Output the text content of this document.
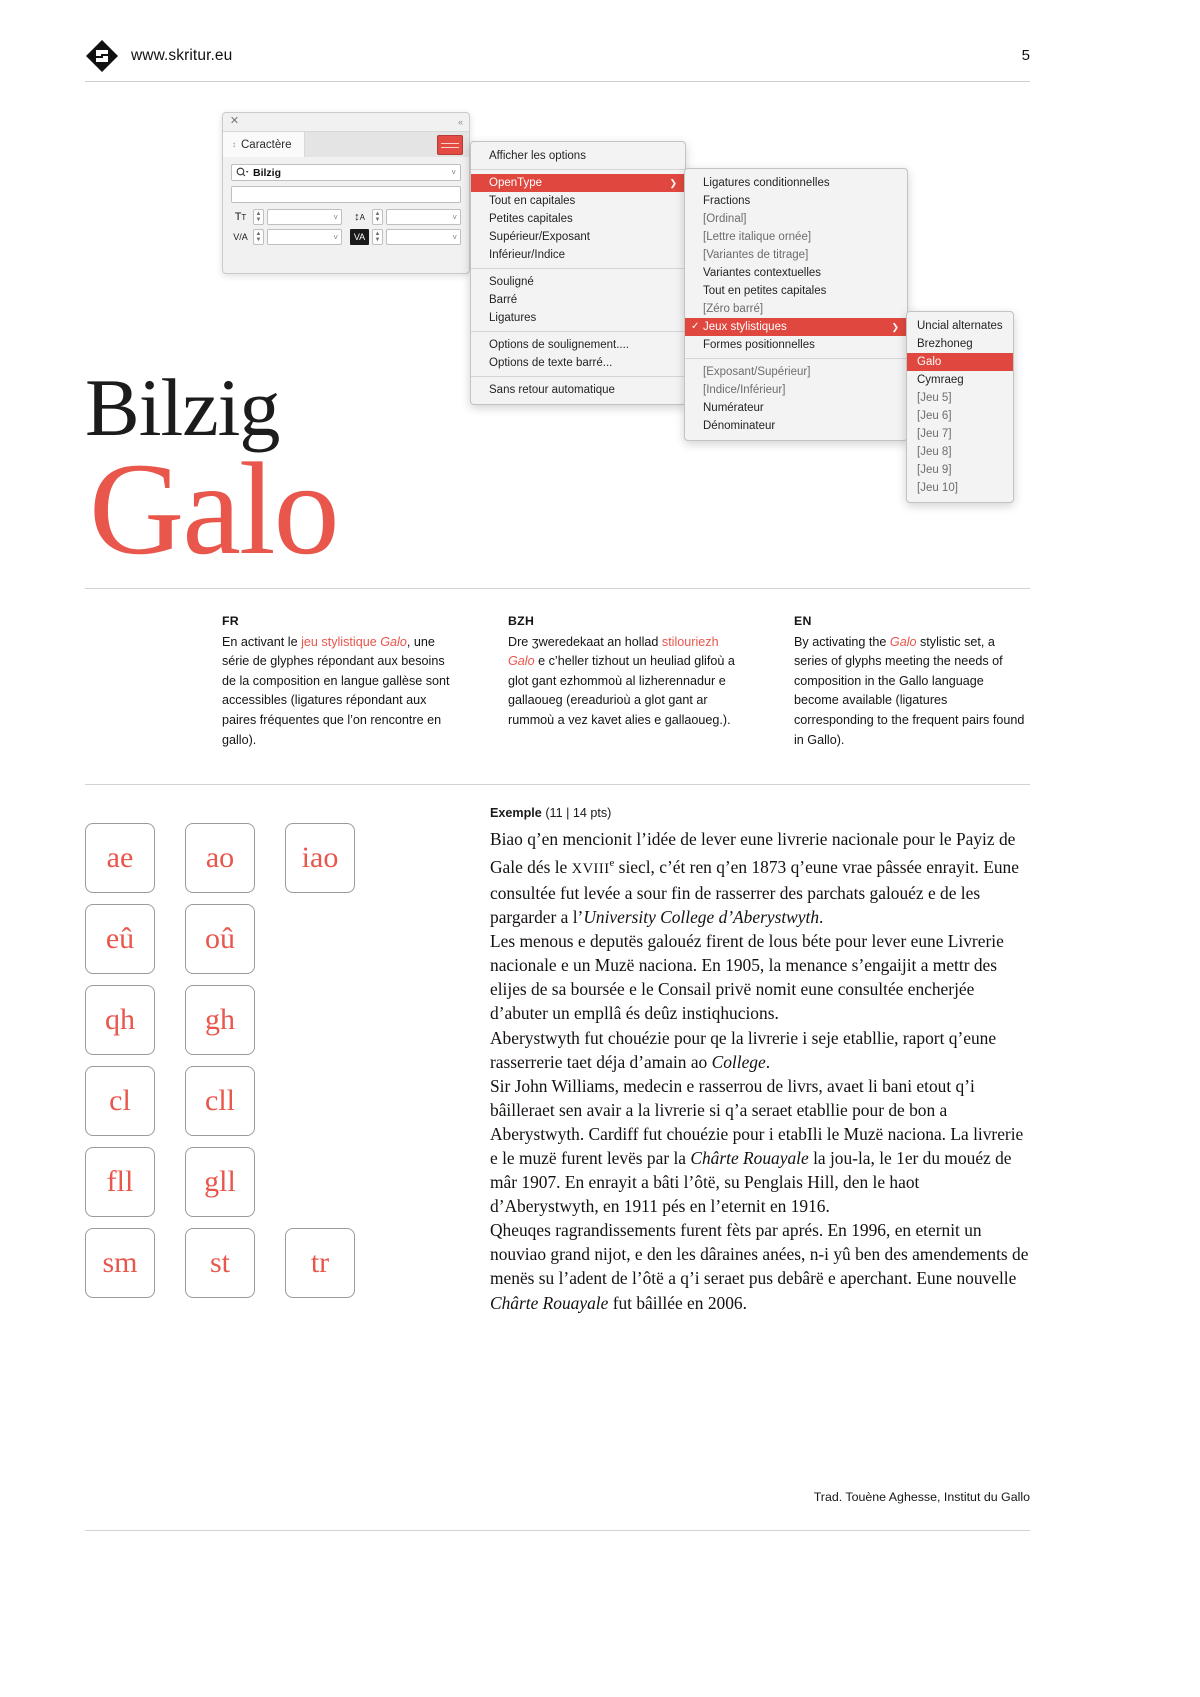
www.skritur.eu	5
✕	«
↕ Caractère
Bilzig	˅
T T	▲
▼	˅	↕ A	▲
▼	˅
V/A	▲
▼	˅	VA	▲
▼	˅
Afficher les options
OpenType	❯
Tout en capitales
Petites capitales
Supérieur/Exposant
Inférieur/Indice
Souligné
Barré
Ligatures
Options de soulignement....
Options de texte barré...
Sans retour automatique
Ligatures conditionnelles
Fractions
[Ordinal]
[Lettre italique ornée]
[Variantes de titrage]
Variantes contextuelles
Tout en petites capitales
[Zéro barré]
✓ Jeux stylistiques	❯
Formes positionnelles
[Exposant/Supérieur]
[Indice/Inférieur]
Numérateur
Dénominateur
Uncial alternates
Brezhoneg
Galo
Cymraeg
[Jeu 5]
[Jeu 6]
[Jeu 7]
[Jeu 8]
[Jeu 9]
[Jeu 10]
Bilzig
Galo
FR
En activant le jeu stylistique Galo, une série de glyphes répondant aux besoins de la composition en langue gallèse sont accessibles (ligatures répondant aux paires fréquentes que l’on rencontre en gallo).
BZH
Dre ʒweredekaat an hollad stilouriezh Galo e c’heller tizhout un heuliad glifoù a glot gant ezhommoù al lizherennadur e gallaoueg (ereadurioù a glot gant ar rummoù a vez kavet alies e gallaoueg.).
EN
By activating the Galo stylistic set, a series of glyphs meeting the needs of composition in the Gallo language become available (ligatures corresponding to the frequent pairs found in Gallo).
ae	ao	iao
eû	oû
qh	gh
cl	cll
fll	gll
sm	st	tr
Exemple (11 | 14 pts)
Biao q’en mencionit l’idée de lever eune livrerie nacionale pour le Payiz de Gale dés le XVIIIe siecl, c’ét ren q’en 1873 q’eune vrae pâssée enrayit. Eune consultée fut levée a sour fin de rasserrer des parchats galouéz e de les pargarder a l’University College d’Aberystwyth.
Les menous e deputës galouéz firent de lous béte pour lever eune Livrerie nacionale e un Muzë naciona. En 1905, la menance s’engaijit a mettr des elijes de sa boursée e le Consail privë nomit eune consultée encherjée d’abuter un empllâ és deûz instiqhucions.
Aberystwyth fut chouézie pour qe la livrerie i seje etabllie, raport q’eune rasserrerie taet déja d’amain ao College.
Sir John Williams, medecin e rasserrou de livrs, avaet li bani etout q’i bâilleraet sen avair a la livrerie si q’a seraet etabllie pour de bon a Aberystwyth. Cardiff fut chouézie pour i etabIli le Muzë naciona. La livrerie e le muzë furent levës par la Chârte Rouayale la jou-la, le 1er du mouéz de mâr 1907. En enrayit a bâti l’ôtë, su Penglais Hill, den le haot d’Aberystwyth, en 1911 pés en l’eternit en 1916.
Qheuqes ragrandissements furent fèts par aprés. En 1996, en eternit un nouviao grand nijot, e den les dâraines anées, n-i yû ben des amendements de menës su l’adent de l’ôtë a q’i seraet pus debârë e aperchant. Eune nouvelle Chârte Rouayale fut bâillée en 2006.
Trad. Touène Aghesse, Institut du Gallo
